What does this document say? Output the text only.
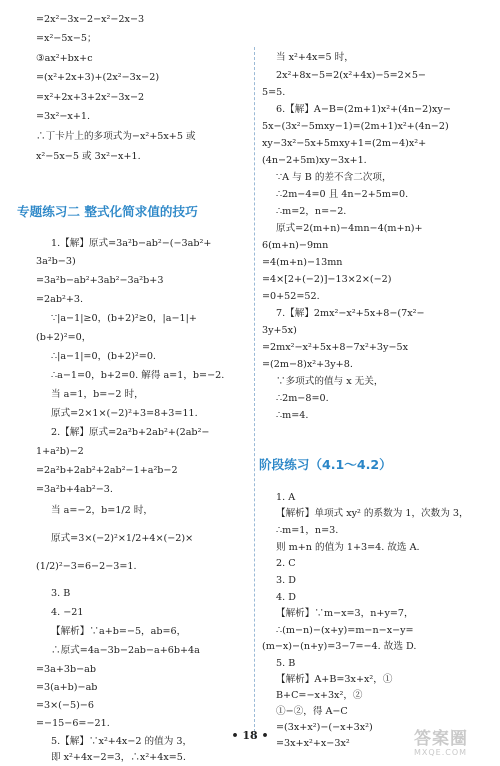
=2x²−3x−2−x²−2x−3
=x²−5x−5；
③ax²+bx+c
=(x²+2x+3)+(2x²−3x−2)
=x²+2x+3+2x²−3x−2
=3x²−x+1.
∴丁卡片上的多项式为−x²+5x+5 或
x²−5x−5 或 3x²−x+1.
专题练习二 整式化简求值的技巧
1.【解】原式=3a²b−ab²−(−3ab²+
3a²b−3)
=3a²b−ab²+3ab²−3a²b+3
=2ab²+3.
∵|a−1|≥0，(b+2)²≥0，|a−1|+
(b+2)²=0，
∴|a−1|=0，(b+2)²=0.
∴a−1=0，b+2=0. 解得 a=1，b=−2.
当 a=1，b=−2 时，
原式=2×1×(−2)²+3=8+3=11.
2.【解】原式=2a²b+2ab²+(2ab²−
1+a²b)−2
=2a²b+2ab²+2ab²−1+a²b−2
=3a²b+4ab²−3.
当 a=−2，b=1/2 时，
原式=3×(−2)²×1/2+4×(−2)×
(1/2)²−3=6−2−3=1.
3. B
4. −21
【解析】∵a+b=−5，ab=6，
∴原式=4a−3b−2ab−a+6b+4a
=3a+3b−ab
=3(a+b)−ab
=3×(−5)−6
=−15−6=−21.
5.【解】∵x²+4x−2 的值为 3，
即 x²+4x−2=3，∴x²+4x=5.
当 x²+4x=5 时，
2x²+8x−5=2(x²+4x)−5=2×5−
5=5.
6.【解】A−B=(2m+1)x²+(4n−2)xy−
5x−(3x²−5mxy−1)=(2m+1)x²+(4n−2)
xy−3x²−5x+5mxy+1=(2m−4)x²+
(4n−2+5m)xy−3x+1.
∵A 与 B 的差不含二次项，
∴2m−4=0 且 4n−2+5m=0.
∴m=2，n=−2.
原式=2(m+n)−4mn−4(m+n)+
6(m+n)−9mn
=4(m+n)−13mn
=4×[2+(−2)]−13×2×(−2)
=0+52=52.
7.【解】2mx²−x²+5x+8−(7x²−
3y+5x)
=2mx²−x²+5x+8−7x²+3y−5x
=(2m−8)x²+3y+8.
∵多项式的值与 x 无关，
∴2m−8=0.
∴m=4.
阶段练习（4.1～4.2）
1. A
【解析】单项式 xy² 的系数为 1，次数为 3，
∴m=1，n=3.
则 m+n 的值为 1+3=4. 故选 A.
2. C
3. D
4. D
【解析】∵m−x=3，n+y=7，
∴(m−n)−(x+y)=m−n−x−y=
(m−x)−(n+y)=3−7=−4. 故选 D.
5. B
【解析】A+B=3x+x²，①
B+C=−x+3x²，②
①−②，得 A−C
=(3x+x²)−(−x+3x²)
=3x+x²+x−3x²
• 18 •	答案圈
MXQE.COM
